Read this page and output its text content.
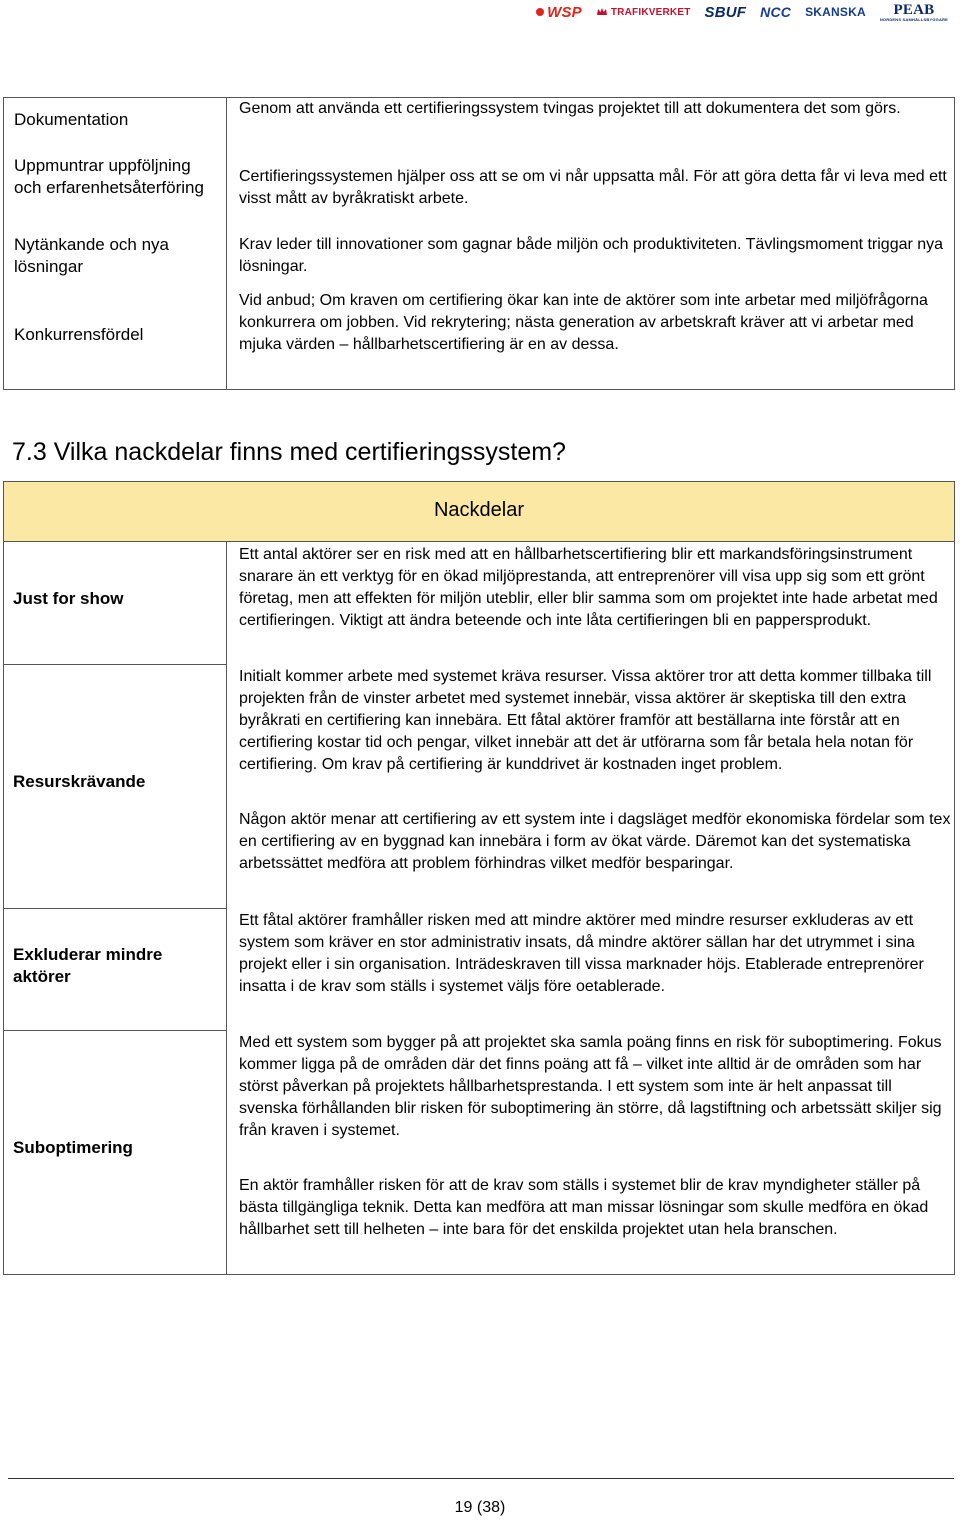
WSP	TRAFIKVERKET SBUF NCC SKANSKA PEAB
NORDENS SAMHÄLLSBYGGARE
Dokumentation
Genom att använda ett certifieringssystem tvingas projektet till att dokumentera det som görs.
Uppmuntrar uppföljning och erfarenhetsåterföring
Certifieringssystemen hjälper oss att se om vi når uppsatta mål. För att göra detta får vi leva med ett visst mått av byråkratiskt arbete.
Nytänkande och nya lösningar
Krav leder till innovationer som gagnar både miljön och produktiviteten. Tävlingsmoment triggar nya lösningar.
Konkurrensfördel
Vid anbud; Om kraven om certifiering ökar kan inte de aktörer som inte arbetar med miljöfrågorna konkurrera om jobben. Vid rekrytering; nästa generation av arbetskraft kräver att vi arbetar med mjuka värden – hållbarhetscertifiering är en av dessa.
7.3 Vilka nackdelar finns med certifieringssystem?
Nackdelar
Just for show
Resurskrävande
Exkluderar mindre aktörer
Suboptimering
Ett antal aktörer ser en risk med att en hållbarhetscertifiering blir ett markandsföringsinstrument snarare än ett verktyg för en ökad miljöprestanda, att entreprenörer vill visa upp sig som ett grönt företag, men att effekten för miljön uteblir, eller blir samma som om projektet inte hade arbetat med certifieringen. Viktigt att ändra beteende och inte låta certifieringen bli en pappersprodukt.
Initialt kommer arbete med systemet kräva resurser. Vissa aktörer tror att detta kommer tillbaka till projekten från de vinster arbetet med systemet innebär, vissa aktörer är skeptiska till den extra byråkrati en certifiering kan innebära. Ett fåtal aktörer framför att beställarna inte förstår att en certifiering kostar tid och pengar, vilket innebär att det är utförarna som får betala hela notan för certifiering. Om krav på certifiering är kunddrivet är kostnaden inget problem.
Någon aktör menar att certifiering av ett system inte i dagsläget medför ekonomiska fördelar som tex en certifiering av en byggnad kan innebära i form av ökat värde. Däremot kan det systematiska arbetssättet medföra att problem förhindras vilket medför besparingar.
Ett fåtal aktörer framhåller risken med att mindre aktörer med mindre resurser exkluderas av ett system som kräver en stor administrativ insats, då mindre aktörer sällan har det utrymmet i sina projekt eller i sin organisation. Inträdeskraven till vissa marknader höjs. Etablerade entreprenörer insatta i de krav som ställs i systemet väljs före oetablerade.
Med ett system som bygger på att projektet ska samla poäng finns en risk för suboptimering. Fokus kommer ligga på de områden där det finns poäng att få – vilket inte alltid är de områden som har störst påverkan på projektets hållbarhetsprestanda. I ett system som inte är helt anpassat till svenska förhållanden blir risken för suboptimering än större, då lagstiftning och arbetssätt skiljer sig från kraven i systemet.
En aktör framhåller risken för att de krav som ställs i systemet blir de krav myndigheter ställer på bästa tillgängliga teknik. Detta kan medföra att man missar lösningar som skulle medföra en ökad hållbarhet sett till helheten – inte bara för det enskilda projektet utan hela branschen.
19 (38)
